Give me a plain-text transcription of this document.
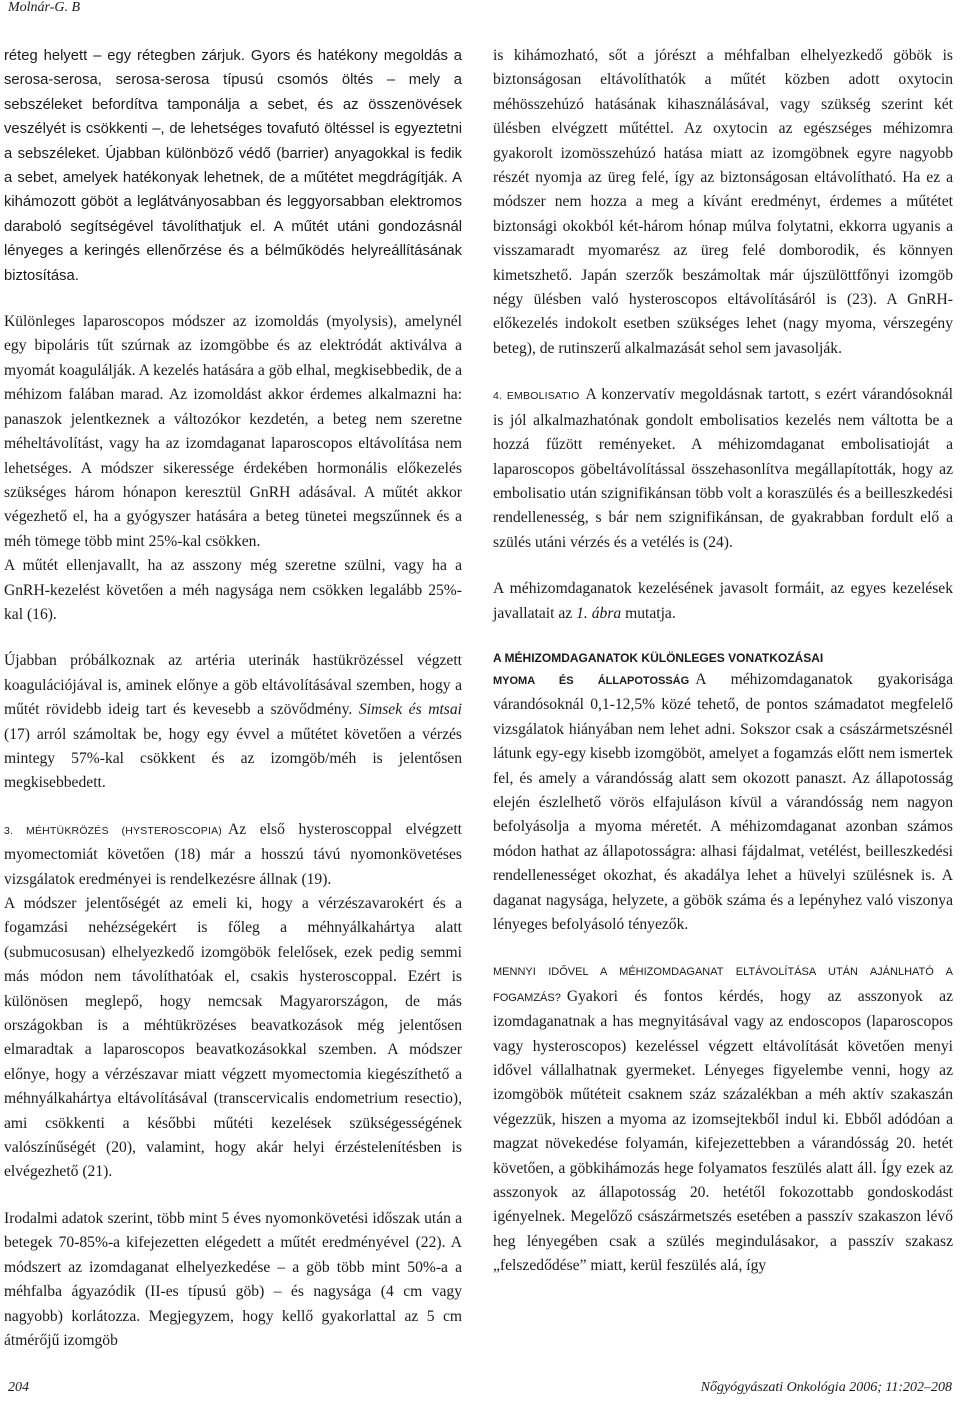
Molnár-G. B

réteg helyett – egy rétegben zárjuk. Gyors és hatékony megoldás a serosa-serosa, serosa-serosa típusú csomós öltés – mely a sebszéleket befordítva tamponálja a sebet, és az összenövések veszélyét is csökkenti –, de lehetséges tovafutó öltéssel is egyeztetni a sebszéleket. Újabban különböző védő (barrier) anyagokkal is fedik a sebet, amelyek hatékonyak lehetnek, de a műtétet megdrágítják. A kihámozott göböt a leglátványosabban és leggyorsabban elektromos daraboló segítségével távolíthatjuk el. A műtét utáni gondozásnál lényeges a keringés ellenőrzése és a bélműködés helyreállításának biztosítása.

Különleges laparoscopos módszer az izomoldás (myolysis), amelynél egy bipoláris tűt szúrnak az izomgöbbe és az elektródát aktiválva a myomát koagulálják. A kezelés hatására a göb elhal, megkisebbedik, de a méhizom falában marad. Az izomoldást akkor érdemes alkalmazni ha: panaszok jelentkeznek a változókor kezdetén, a beteg nem szeretne méheltávolítást, vagy ha az izomdaganat laparoscopos eltávolítása nem lehetséges. A módszer sikeressége érdekében hormonális előkezelés szükséges három hónapon keresztül GnRH adásával. A műtét akkor végezhető el, ha a gyógyszer hatására a beteg tünetei megszűnnek és a méh tömege több mint 25%-kal csökken.

A műtét ellenjavallt, ha az asszony még szeretne szülni, vagy ha a GnRH-kezelést követően a méh nagysága nem csökken legalább 25%-kal (16).

Újabban próbálkoznak az artéria uterinák hastükrözéssel végzett koagulációjával is, aminek előnye a göb eltávolításával szemben, hogy a műtét rövidebb ideig tart és kevesebb a szövődmény. Simsek és mtsai (17) arról számoltak be, hogy egy évvel a műtétet követően a vérzés mintegy 57%-kal csökkent és az izomgöb/méh is jelentősen megkisebbedett.

3. MÉHTÜKRÖZÉS (HYSTEROSCOPIA) Az első hysteroscoppal elvégzett myomectomiát követően (18) már a hosszú távú nyomonkövetéses vizsgálatok eredményei is rendelkezésre állnak (19).

A módszer jelentőségét az emeli ki, hogy a vérzészavarokért és a fogamzási nehézségekért is főleg a méhnyálkahártya alatt (submucosusan) elhelyezkedő izomgöbök felelősek, ezek pedig semmi más módon nem távolíthatóak el, csakis hysteroscoppal. Ezért is különösen meglepő, hogy nemcsak Magyarországon, de más országokban is a méhtükrözéses beavatkozások még jelentősen elmaradtak a laparoscopos beavatkozásokkal szemben. A módszer előnye, hogy a vérzészavar miatt végzett myomectomia kiegészíthető a méhnyálkahártya eltávolításával (transcervicalis endometrium resectio), ami csökkenti a későbbi műtéti kezelések szükségességének valószínűségét (20), valamint, hogy akár helyi érzéstelenítésben is elvégezhető (21).

Irodalmi adatok szerint, több mint 5 éves nyomonkövetési időszak után a betegek 70-85%-a kifejezetten elégedett a műtét eredményével (22). A módszert az izomdaganat elhelyezkedése – a göb több mint 50%-a a méhfalba ágyazódik (II-es típusú göb) – és nagysága (4 cm vagy nagyobb) korlátozza. Megjegyzem, hogy kellő gyakorlattal az 5 cm átmérőjű izomgöb

is kihámozható, sőt a jórészt a méhfalban elhelyezkedő göbök is biztonságosan eltávolíthatók a műtét közben adott oxytocin méhösszehúzó hatásának kihasználásával, vagy szükség szerint két ülésben elvégzett műtéttel. Az oxytocin az egészséges méhizomra gyakorolt izomösszehúzó hatása miatt az izomgöbnek egyre nagyobb részét nyomja az üreg felé, így az biztonságosan eltávolítható. Ha ez a módszer nem hozza a meg a kívánt eredményt, érdemes a műtétet biztonsági okokból két-három hónap múlva folytatni, ekkorra ugyanis a visszamaradt myomarész az üreg felé domborodik, és könnyen kimetszhető. Japán szerzők beszámoltak már újszülöttfőnyi izomgöb négy ülésben való hysteroscopos eltávolításáról is (23). A GnRH-előkezelés indokolt esetben szükséges lehet (nagy myoma, vérszegény beteg), de rutinszerű alkalmazását sehol sem javasolják.

4. EMBOLISATIO A konzervatív megoldásnak tartott, s ezért várandósoknál is jól alkalmazhatónak gondolt embolisatios kezelés nem váltotta be a hozzá fűzött reményeket. A méhizomdaganat embolisatioját a laparoscopos göbeltávolítással összehasonlítva megállapították, hogy az embolisatio után szignifikánsan több volt a koraszülés és a beilleszkedési rendellenesség, s bár nem szignifikánsan, de gyakrabban fordult elő a szülés utáni vérzés és a vetélés is (24).

A méhizomdaganatok kezelésének javasolt formáit, az egyes kezelések javallatait az 1. ábra mutatja.

A MÉHIZOMDAGANATOK KÜLÖNLEGES VONATKOZÁSAI

MYOMA ÉS ÁLLAPOTOSSÁG A méhizomdaganatok gyakorisága várandósoknál 0,1-12,5% közé tehető, de pontos számadatot megfelelő vizsgálatok hiányában nem lehet adni. Sokszor csak a császármetszésnél látunk egy-egy kisebb izomgöböt, amelyet a fogamzás előtt nem ismertek fel, és amely a várandósság alatt sem okozott panaszt. Az állapotosság elején észlelhető vörös elfajuláson kívül a várandósság nem nagyon befolyásolja a myoma méretét. A méhizomdaganat azonban számos módon hathat az állapotosságra: alhasi fájdalmat, vetélést, beilleszkedési rendellenességet okozhat, és akadálya lehet a hüvelyi szülésnek is. A daganat nagysága, helyzete, a göbök száma és a lepényhez való viszonya lényeges befolyásoló tényezők.

MENNYI IDŐVEL A MÉHIZOMDAGANAT ELTÁVOLÍTÁSA UTÁN AJÁNLHATÓ A FOGAMZÁS? Gyakori és fontos kérdés, hogy az asszonyok az izomdaganatnak a has megnyitásával vagy az endoscopos (laparoscopos vagy hysteroscopos) kezeléssel végzett eltávolítását követően menyi idővel vállalhatnak gyermeket. Lényeges figyelembe venni, hogy az izomgöbök műtéteit csaknem száz százalékban a méh aktív szakaszán végezzük, hiszen a myoma az izomsejtekből indul ki. Ebből adódóan a magzat növekedése folyamán, kifejezettebben a várandósság 20. hetét követően, a göbkihámozás hege folyamatos feszülés alatt áll. Így ezek az asszonyok az állapotosság 20. hetétől fokozottabb gondoskodást igényelnek. Megelőző császármetszés esetében a passzív szakaszon lévő heg lényegében csak a szülés megindulásakor, a passzív szakasz „felszedődése” miatt, kerül feszülés alá, így

204	Nőgyógyászati Onkológia 2006; 11:202–208
